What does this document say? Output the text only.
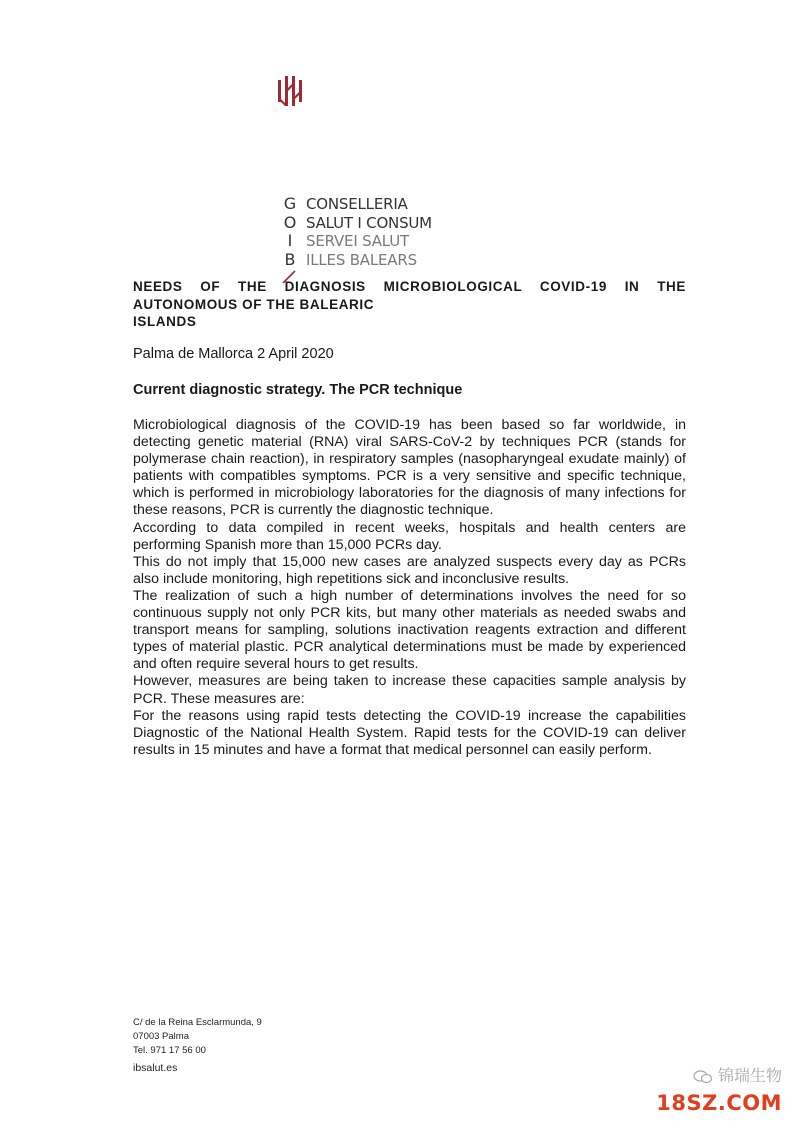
G
O
I
B
CONSELLERIA
SALUT I CONSUM
SERVEI SALUT
ILLES BALEARS
NEEDS OF THE DIAGNOSIS MICROBIOLOGICAL COVID-19 IN THE
AUTONOMOUS OF THE BALEARIC
ISLANDS
Palma de Mallorca 2 April 2020
Current diagnostic strategy. The PCR technique

Microbiological diagnosis of the COVID-19 has been based so far worldwide, in detecting genetic material (RNA) viral SARS-CoV-2 by techniques PCR (stands for polymerase chain reaction), in respiratory samples (nasopharyngeal exudate mainly) of patients with compatibles symptoms. PCR is a very sensitive and specific technique, which is performed in microbiology laboratories for the diagnosis of many infections for these reasons, PCR is currently the diagnostic technique.

According to data compiled in recent weeks, hospitals and health centers are performing Spanish more than 15,000 PCRs day.

This do not imply that 15,000 new cases are analyzed suspects every day as PCRs also include monitoring, high repetitions sick and inconclusive results.

The realization of such a high number of determinations involves the need for so continuous supply not only PCR kits, but many other materials as needed swabs and transport means for sampling, solutions inactivation reagents extraction and different types of material plastic. PCR analytical determinations must be made by experienced and often require several hours to get results.

However, measures are being taken to increase these capacities sample analysis by PCR. These measures are:

For the reasons using rapid tests detecting the COVID-19 increase the capabilities Diagnostic of the National Health System. Rapid tests for the COVID-19 can deliver results in 15 minutes and have a format that medical personnel can easily perform.

C/ de la Reina Esclarmunda, 9
07003 Palma
Tel. 971 17 56 00
ibsalut.es	锦瑞生物
18SZ.COM
